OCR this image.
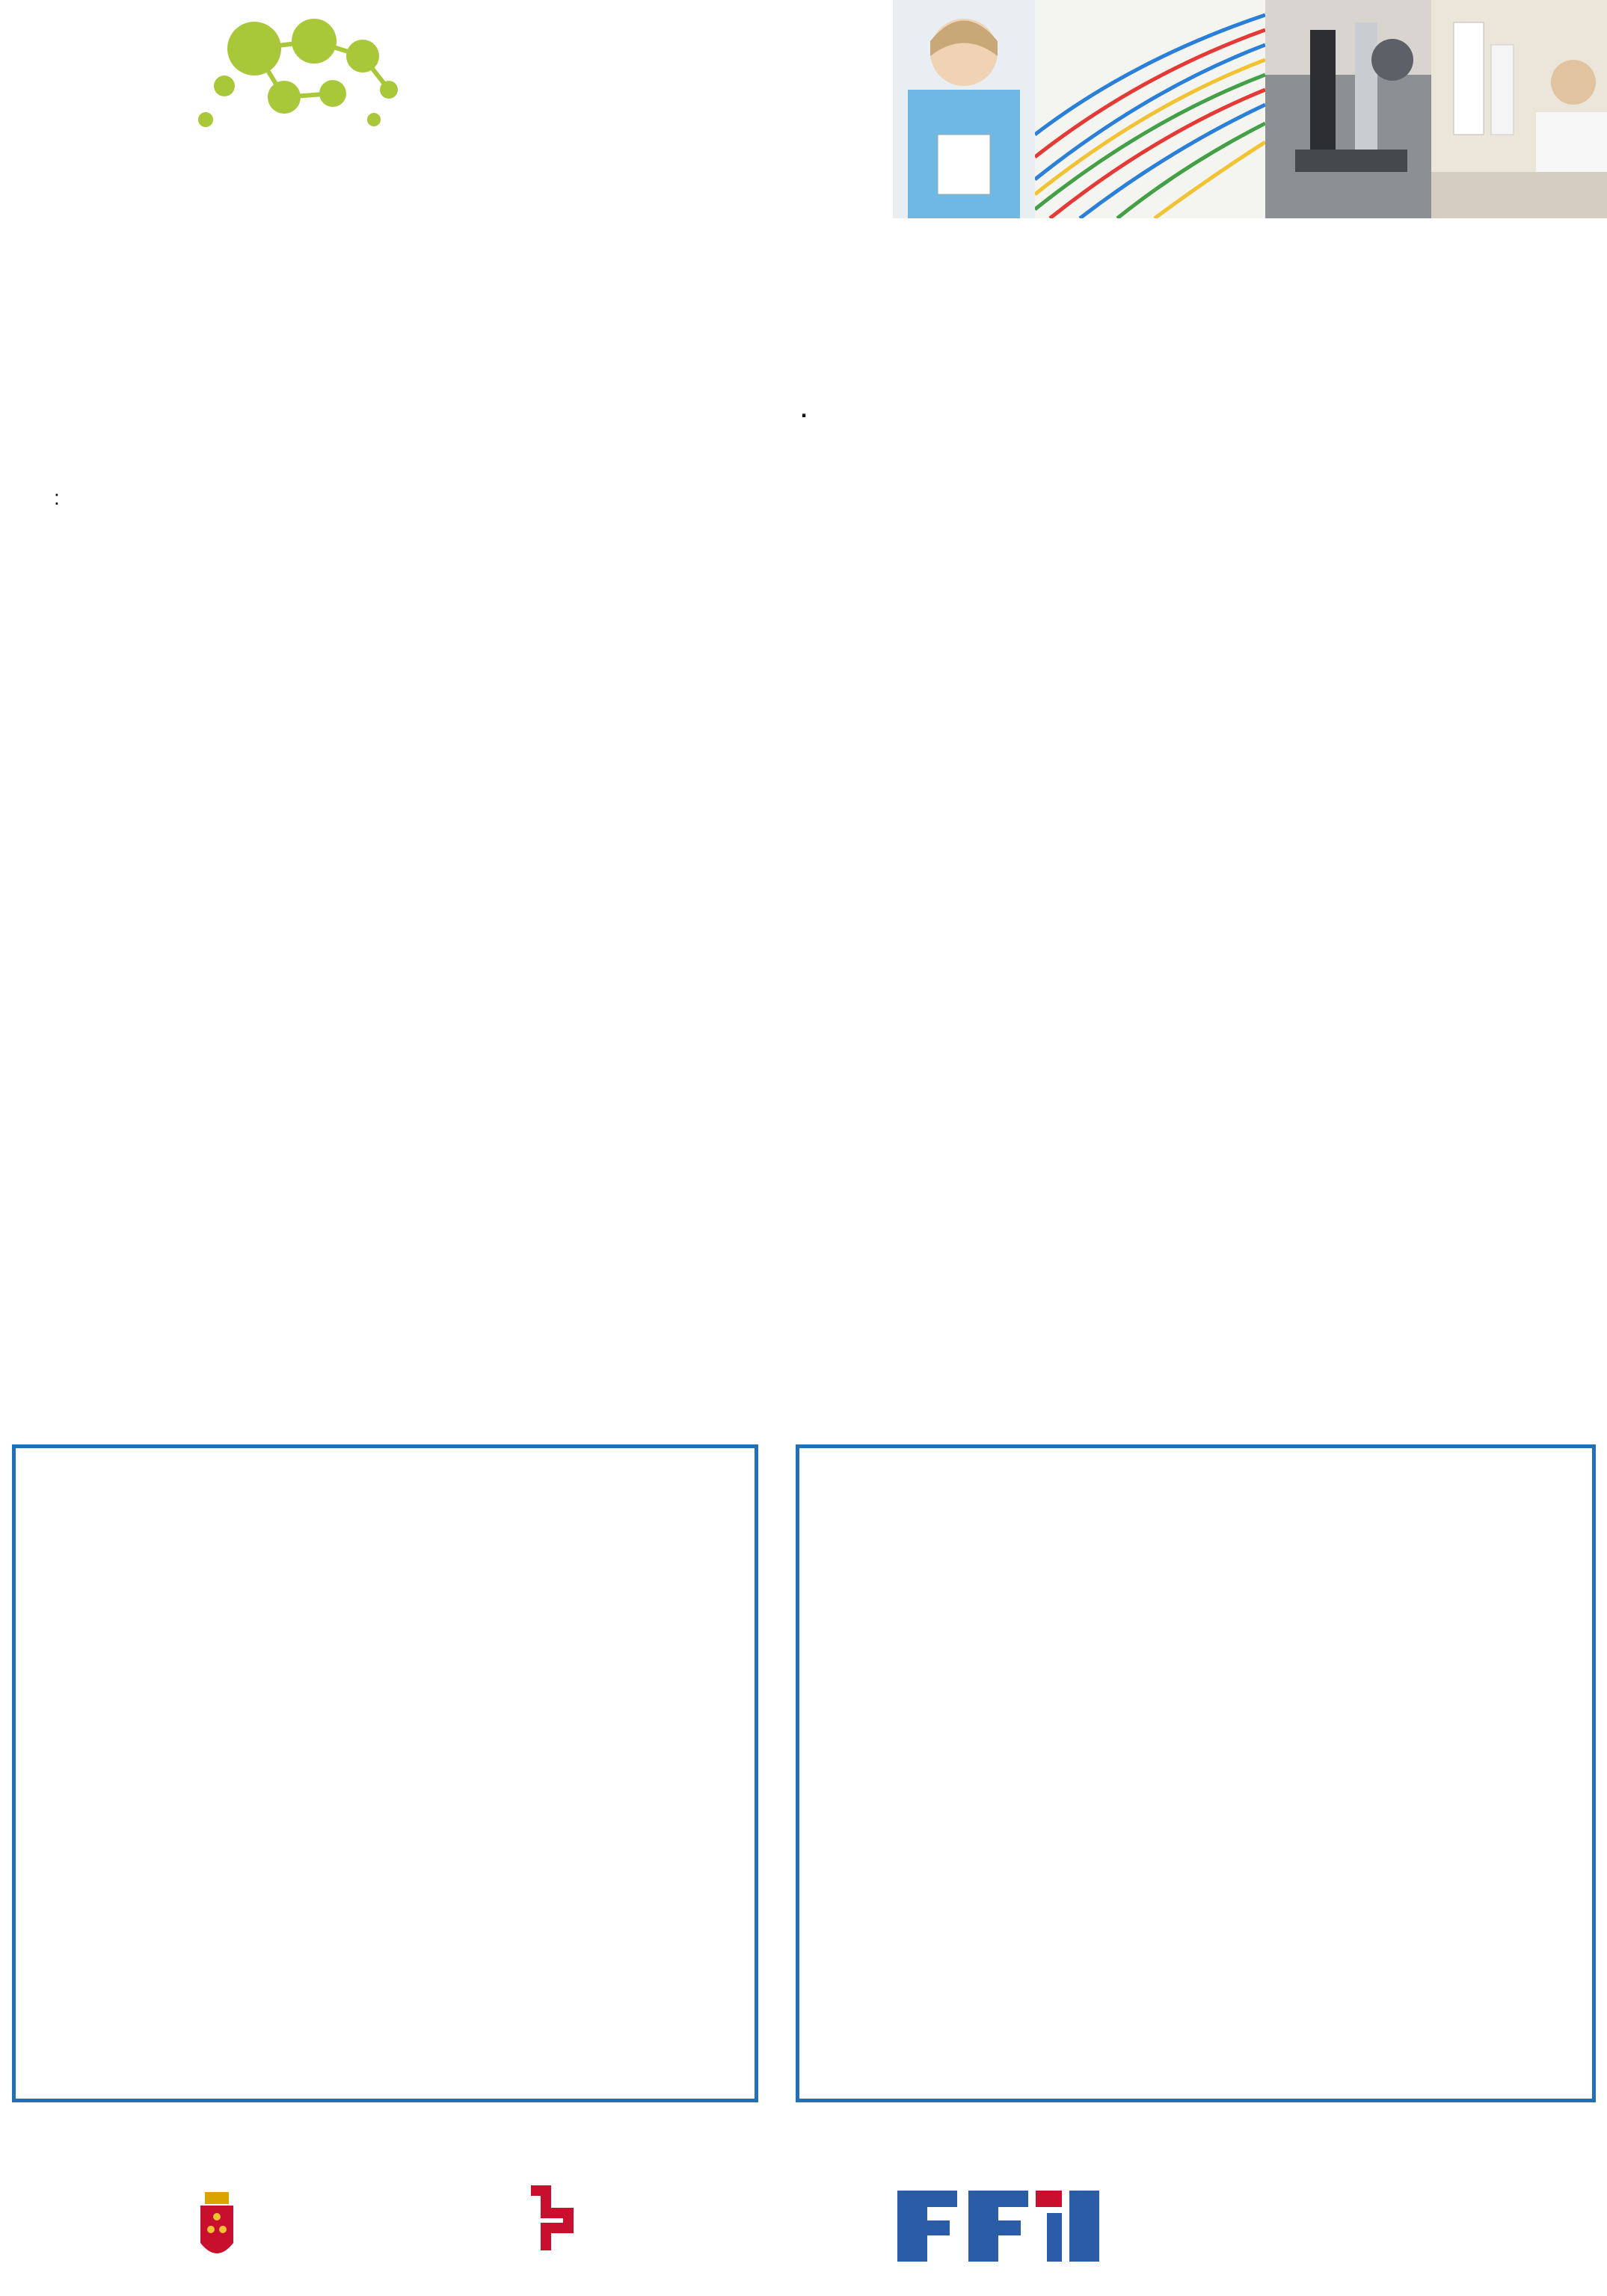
.
:
